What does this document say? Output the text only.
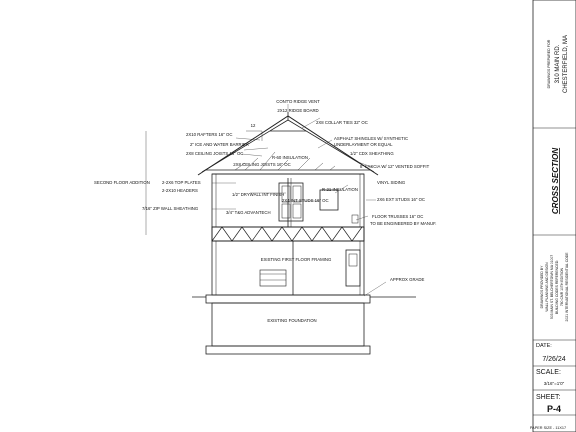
DRAWINGS PREPARED FOR 310 MAIN RD. CHESTERFIELD, MA
CROSS SECTION
DRAWINGS PROVIDED BY WALL PLANNING AND DESIGN 503 MAIN ST. BELCHERTOWN MA 01007 BUILDING CODES REFERENCED: 780 CMR 10TH EDITION 2021 INTERNATIONAL RESIDENTIAL CODE
DATE:
7/26/24
SCALE:
3/16"=1'0"
SHEET:
P-4
PAPER SIZE - 11X17
CONT'D RIDGE VENT
2X12 RIDGE BOARD
2X8 COLLAR TIES 32" OC
12
2X10 RAFTERS 16" OC
2" ICE AND WATER BARRIER
ASPHALT SHINGLES W/ SYNTHETIC
UNDERLAYMENT OR EQUAL
2X8 CEILING JOISTS 16" OC	1/2" CDX SHEATHING
R-60 INSULATION
2X8 CEILING JOISTS 16" OC	8" FASCIA W/ 12" VENTED SOFFIT
SECOND FLOOR ADDITION	2-2X6 TOP PLATES
2-2X10 HEADERS
1/2" DRYWALL INT FINISH
R-21 INSULATION
VINYL SIDING
2X4 INT STUDS 16" OC	2X6 EXT STUDS 16" OC
7/16" ZIP WALL SHEATHING
3/4" T&G ADVANTECH
FLOOR TRUSSES 16" OC
TO BE ENGINEERED BY MANUF.
EXISTING FIRST FLOOR FRAMING
APPROX GRADE
EXISTING FOUNDATION
